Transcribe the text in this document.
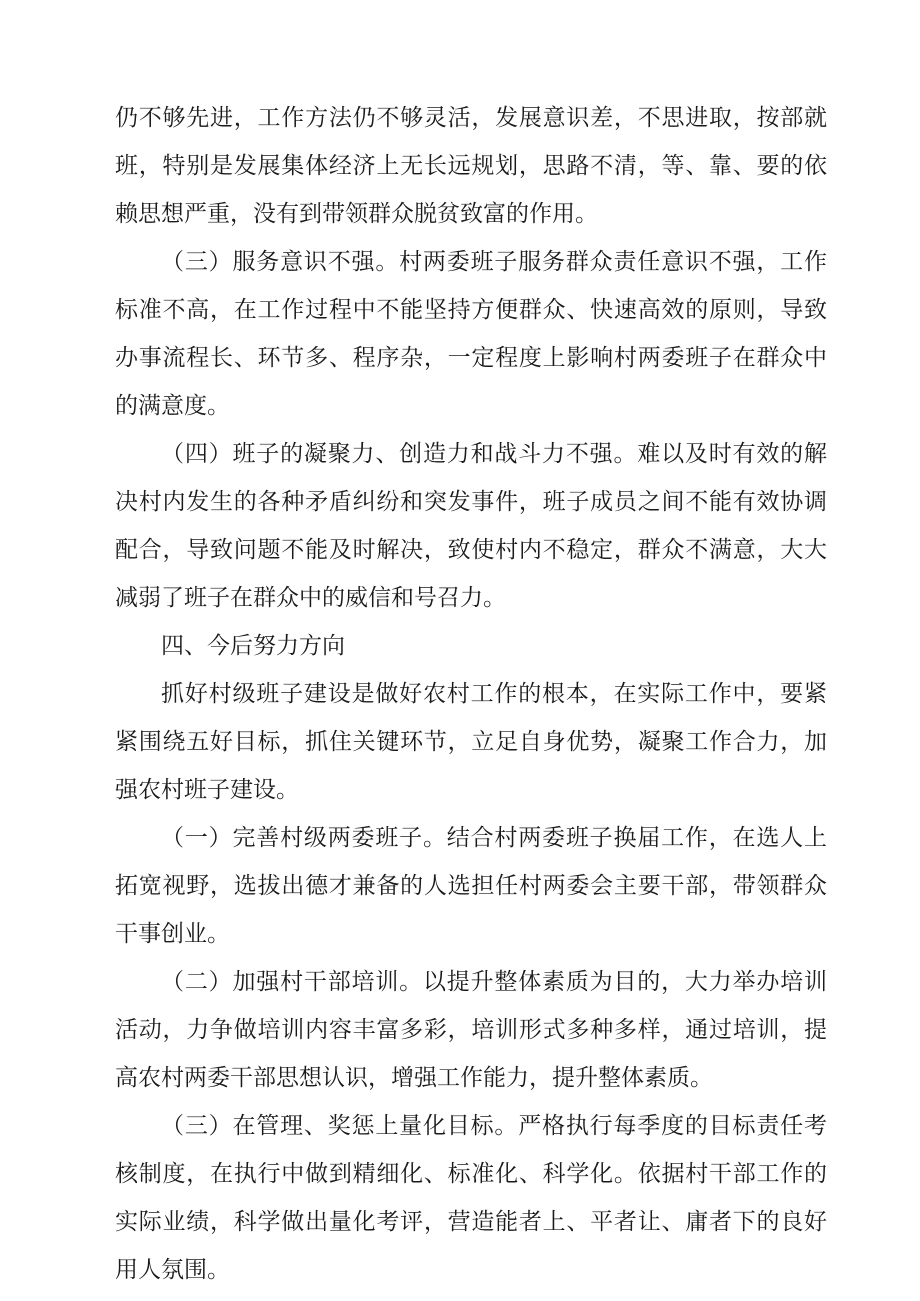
仍不够先进，工作方法仍不够灵活，发展意识差，不思进取，按部就班，特别是发展集体经济上无长远规划，思路不清，等、靠、要的依赖思想严重，没有到带领群众脱贫致富的作用。

（三）服务意识不强。村两委班子服务群众责任意识不强，工作标准不高，在工作过程中不能坚持方便群众、快速高效的原则，导致办事流程长、环节多、程序杂，一定程度上影响村两委班子在群众中的满意度。

（四）班子的凝聚力、创造力和战斗力不强。难以及时有效的解决村内发生的各种矛盾纠纷和突发事件，班子成员之间不能有效协调配合，导致问题不能及时解决，致使村内不稳定，群众不满意，大大减弱了班子在群众中的威信和号召力。

四、今后努力方向

抓好村级班子建设是做好农村工作的根本，在实际工作中，要紧紧围绕五好目标，抓住关键环节，立足自身优势，凝聚工作合力，加强农村班子建设。

（一）完善村级两委班子。结合村两委班子换届工作，在选人上拓宽视野，选拔出德才兼备的人选担任村两委会主要干部，带领群众干事创业。

（二）加强村干部培训。以提升整体素质为目的，大力举办培训活动，力争做培训内容丰富多彩，培训形式多种多样，通过培训，提高农村两委干部思想认识，增强工作能力，提升整体素质。

（三）在管理、奖惩上量化目标。严格执行每季度的目标责任考核制度，在执行中做到精细化、标准化、科学化。依据村干部工作的实际业绩，科学做出量化考评，营造能者上、平者让、庸者下的良好用人氛围。
